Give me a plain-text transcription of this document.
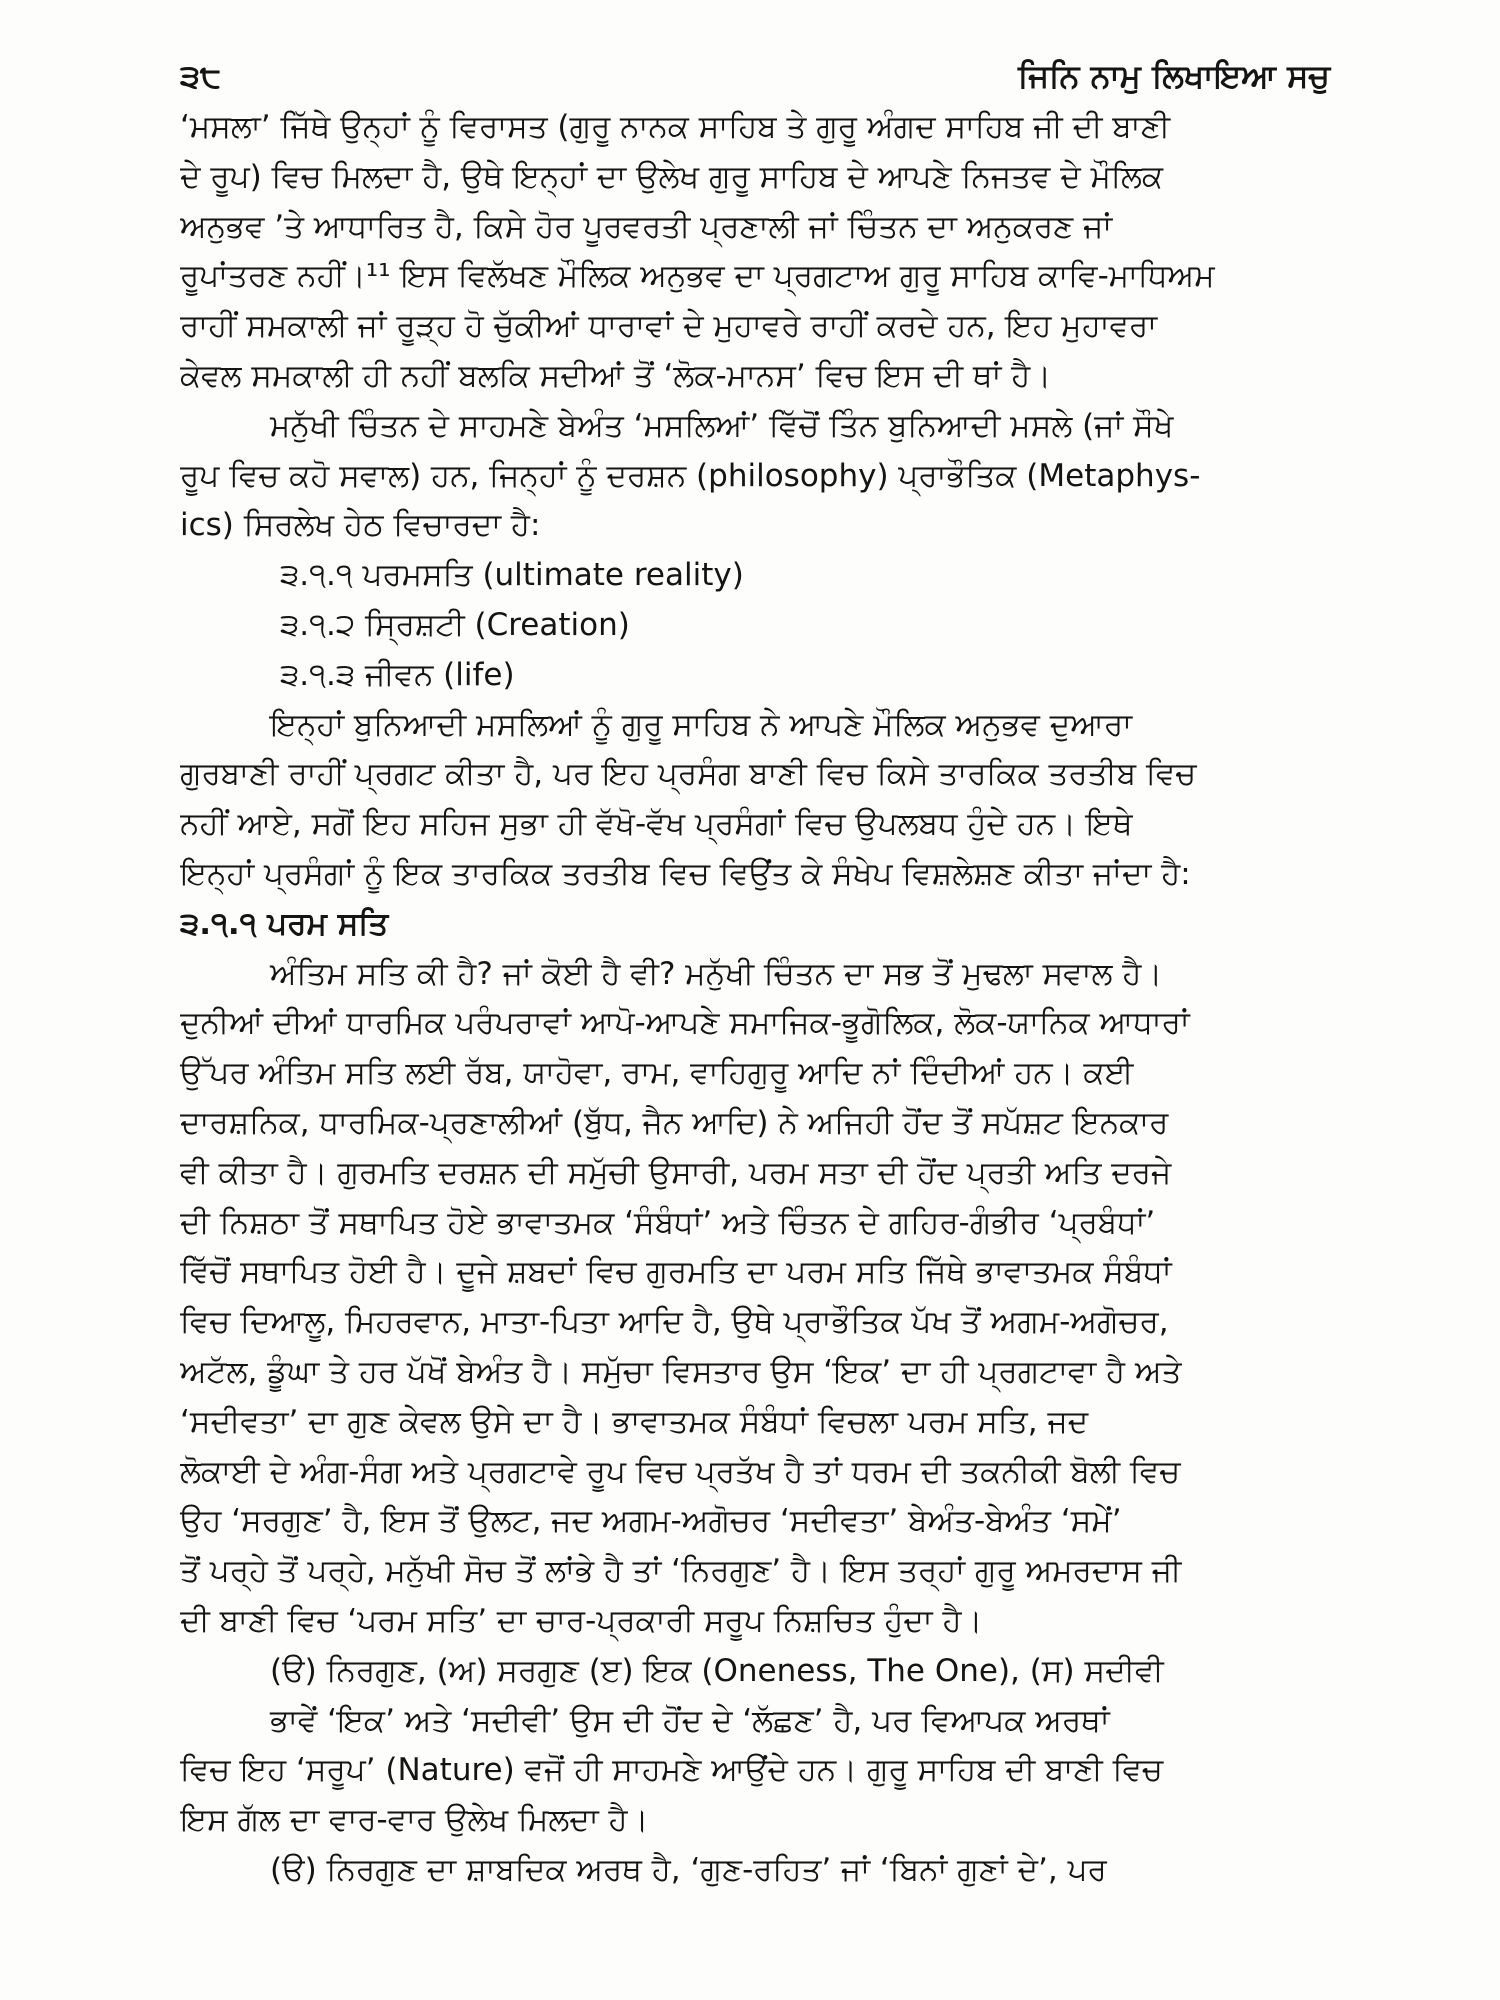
੩੮	ਜਿਨਿ ਨਾਮੁ ਲਿਖਾਇਆ ਸਚੁ
‘ਮਸਲਾ’ ਜਿੱਥੇ ਉਨ੍ਹਾਂ ਨੂੰ ਵਿਰਾਸਤ (ਗੁਰੂ ਨਾਨਕ ਸਾਹਿਬ ਤੇ ਗੁਰੂ ਅੰਗਦ ਸਾਹਿਬ ਜੀ ਦੀ ਬਾਣੀ
ਦੇ ਰੂਪ) ਵਿਚ ਮਿਲਦਾ ਹੈ, ਉਥੇ ਇਨ੍ਹਾਂ ਦਾ ਉਲੇਖ ਗੁਰੂ ਸਾਹਿਬ ਦੇ ਆਪਣੇ ਨਿਜਤਵ ਦੇ ਮੌਲਿਕ
ਅਨੁਭਵ ’ਤੇ ਆਧਾਰਿਤ ਹੈ, ਕਿਸੇ ਹੋਰ ਪੂਰਵਰਤੀ ਪ੍ਰਣਾਲੀ ਜਾਂ ਚਿੰਤਨ ਦਾ ਅਨੁਕਰਣ ਜਾਂ
ਰੂਪਾਂਤਰਣ ਨਹੀਂ।¹¹ ਇਸ ਵਿਲੱਖਣ ਮੌਲਿਕ ਅਨੁਭਵ ਦਾ ਪ੍ਰਗਟਾਅ ਗੁਰੂ ਸਾਹਿਬ ਕਾਵਿ-ਮਾਧਿਅਮ
ਰਾਹੀਂ ਸਮਕਾਲੀ ਜਾਂ ਰੂੜ੍ਹ ਹੋ ਚੁੱਕੀਆਂ ਧਾਰਾਵਾਂ ਦੇ ਮੁਹਾਵਰੇ ਰਾਹੀਂ ਕਰਦੇ ਹਨ, ਇਹ ਮੁਹਾਵਰਾ
ਕੇਵਲ ਸਮਕਾਲੀ ਹੀ ਨਹੀਂ ਬਲਕਿ ਸਦੀਆਂ ਤੋਂ ‘ਲੋਕ-ਮਾਨਸ’ ਵਿਚ ਇਸ ਦੀ ਥਾਂ ਹੈ।
ਮਨੁੱਖੀ ਚਿੰਤਨ ਦੇ ਸਾਹਮਣੇ ਬੇਅੰਤ ‘ਮਸਲਿਆਂ’ ਵਿੱਚੋਂ ਤਿੰਨ ਬੁਨਿਆਦੀ ਮਸਲੇ (ਜਾਂ ਸੌਖੇ
ਰੂਪ ਵਿਚ ਕਹੋ ਸਵਾਲ) ਹਨ, ਜਿਨ੍ਹਾਂ ਨੂੰ ਦਰਸ਼ਨ (philosophy) ਪ੍ਰਾਭੌਤਿਕ (Metaphys-
ics) ਸਿਰਲੇਖ ਹੇਠ ਵਿਚਾਰਦਾ ਹੈ:
੩.੧.੧ ਪਰਮਸਤਿ (ultimate reality)
੩.੧.੨ ਸ੍ਰਿਸ਼ਟੀ (Creation)
੩.੧.੩ ਜੀਵਨ (life)
ਇਨ੍ਹਾਂ ਬੁਨਿਆਦੀ ਮਸਲਿਆਂ ਨੂੰ ਗੁਰੂ ਸਾਹਿਬ ਨੇ ਆਪਣੇ ਮੌਲਿਕ ਅਨੁਭਵ ਦੁਆਰਾ
ਗੁਰਬਾਣੀ ਰਾਹੀਂ ਪ੍ਰਗਟ ਕੀਤਾ ਹੈ, ਪਰ ਇਹ ਪ੍ਰਸੰਗ ਬਾਣੀ ਵਿਚ ਕਿਸੇ ਤਾਰਕਿਕ ਤਰਤੀਬ ਵਿਚ
ਨਹੀਂ ਆਏ, ਸਗੋਂ ਇਹ ਸਹਿਜ ਸੁਭਾ ਹੀ ਵੱਖੋ-ਵੱਖ ਪ੍ਰਸੰਗਾਂ ਵਿਚ ਉਪਲਬਧ ਹੁੰਦੇ ਹਨ। ਇਥੇ
ਇਨ੍ਹਾਂ ਪ੍ਰਸੰਗਾਂ ਨੂੰ ਇਕ ਤਾਰਕਿਕ ਤਰਤੀਬ ਵਿਚ ਵਿਉਂਤ ਕੇ ਸੰਖੇਪ ਵਿਸ਼ਲੇਸ਼ਣ ਕੀਤਾ ਜਾਂਦਾ ਹੈ:
੩.੧.੧ ਪਰਮ ਸਤਿ
ਅੰਤਿਮ ਸਤਿ ਕੀ ਹੈ? ਜਾਂ ਕੋਈ ਹੈ ਵੀ? ਮਨੁੱਖੀ ਚਿੰਤਨ ਦਾ ਸਭ ਤੋਂ ਮੁਢਲਾ ਸਵਾਲ ਹੈ।
ਦੁਨੀਆਂ ਦੀਆਂ ਧਾਰਮਿਕ ਪਰੰਪਰਾਵਾਂ ਆਪੋ-ਆਪਣੇ ਸਮਾਜਿਕ-ਭੂਗੋਲਿਕ, ਲੋਕ-ਯਾਨਿਕ ਆਧਾਰਾਂ
ਉੱਪਰ ਅੰਤਿਮ ਸਤਿ ਲਈ ਰੱਬ, ਯਾਹੋਵਾ, ਰਾਮ, ਵਾਹਿਗੁਰੂ ਆਦਿ ਨਾਂ ਦਿੰਦੀਆਂ ਹਨ। ਕਈ
ਦਾਰਸ਼ਨਿਕ, ਧਾਰਮਿਕ-ਪ੍ਰਣਾਲੀਆਂ (ਬੁੱਧ, ਜੈਨ ਆਦਿ) ਨੇ ਅਜਿਹੀ ਹੋਂਦ ਤੋਂ ਸਪੱਸ਼ਟ ਇਨਕਾਰ
ਵੀ ਕੀਤਾ ਹੈ। ਗੁਰਮਤਿ ਦਰਸ਼ਨ ਦੀ ਸਮੁੱਚੀ ਉਸਾਰੀ, ਪਰਮ ਸਤਾ ਦੀ ਹੋਂਦ ਪ੍ਰਤੀ ਅਤਿ ਦਰਜੇ
ਦੀ ਨਿਸ਼ਠਾ ਤੋਂ ਸਥਾਪਿਤ ਹੋਏ ਭਾਵਾਤਮਕ ‘ਸੰਬੰਧਾਂ’ ਅਤੇ ਚਿੰਤਨ ਦੇ ਗਹਿਰ-ਗੰਭੀਰ ‘ਪ੍ਰਬੰਧਾਂ’
ਵਿੱਚੋਂ ਸਥਾਪਿਤ ਹੋਈ ਹੈ। ਦੂਜੇ ਸ਼ਬਦਾਂ ਵਿਚ ਗੁਰਮਤਿ ਦਾ ਪਰਮ ਸਤਿ ਜਿੱਥੇ ਭਾਵਾਤਮਕ ਸੰਬੰਧਾਂ
ਵਿਚ ਦਿਆਲੂ, ਮਿਹਰਵਾਨ, ਮਾਤਾ-ਪਿਤਾ ਆਦਿ ਹੈ, ਉਥੇ ਪ੍ਰਾਭੌਤਿਕ ਪੱਖ ਤੋਂ ਅਗਮ-ਅਗੋਚਰ,
ਅਟੱਲ, ਡੂੰਘਾ ਤੇ ਹਰ ਪੱਖੋਂ ਬੇਅੰਤ ਹੈ। ਸਮੁੱਚਾ ਵਿਸਤਾਰ ਉਸ ‘ਇਕ’ ਦਾ ਹੀ ਪ੍ਰਗਟਾਵਾ ਹੈ ਅਤੇ
‘ਸਦੀਵਤਾ’ ਦਾ ਗੁਣ ਕੇਵਲ ਉਸੇ ਦਾ ਹੈ। ਭਾਵਾਤਮਕ ਸੰਬੰਧਾਂ ਵਿਚਲਾ ਪਰਮ ਸਤਿ, ਜਦ
ਲੋਕਾਈ ਦੇ ਅੰਗ-ਸੰਗ ਅਤੇ ਪ੍ਰਗਟਾਵੇ ਰੂਪ ਵਿਚ ਪ੍ਰਤੱਖ ਹੈ ਤਾਂ ਧਰਮ ਦੀ ਤਕਨੀਕੀ ਬੋਲੀ ਵਿਚ
ਉਹ ‘ਸਰਗੁਣ’ ਹੈ, ਇਸ ਤੋਂ ਉਲਟ, ਜਦ ਅਗਮ-ਅਗੋਚਰ ‘ਸਦੀਵਤਾ’ ਬੇਅੰਤ-ਬੇਅੰਤ ‘ਸਮੇਂ’
ਤੋਂ ਪਰ੍ਹੇ ਤੋਂ ਪਰ੍ਹੇ, ਮਨੁੱਖੀ ਸੋਚ ਤੋਂ ਲਾਂਭੇ ਹੈ ਤਾਂ ‘ਨਿਰਗੁਣ’ ਹੈ। ਇਸ ਤਰ੍ਹਾਂ ਗੁਰੂ ਅਮਰਦਾਸ ਜੀ
ਦੀ ਬਾਣੀ ਵਿਚ ‘ਪਰਮ ਸਤਿ’ ਦਾ ਚਾਰ-ਪ੍ਰਕਾਰੀ ਸਰੂਪ ਨਿਸ਼ਚਿਤ ਹੁੰਦਾ ਹੈ।
(ੳ) ਨਿਰਗੁਣ, (ਅ) ਸਰਗੁਣ (ੲ) ਇਕ (Oneness, The One), (ਸ) ਸਦੀਵੀ
ਭਾਵੇਂ ‘ਇਕ’ ਅਤੇ ‘ਸਦੀਵੀ’ ਉਸ ਦੀ ਹੋਂਦ ਦੇ ‘ਲੱਛਣ’ ਹੈ, ਪਰ ਵਿਆਪਕ ਅਰਥਾਂ
ਵਿਚ ਇਹ ‘ਸਰੂਪ’ (Nature) ਵਜੋਂ ਹੀ ਸਾਹਮਣੇ ਆਉਂਦੇ ਹਨ। ਗੁਰੂ ਸਾਹਿਬ ਦੀ ਬਾਣੀ ਵਿਚ
ਇਸ ਗੱਲ ਦਾ ਵਾਰ-ਵਾਰ ਉਲੇਖ ਮਿਲਦਾ ਹੈ।
(ੳ) ਨਿਰਗੁਣ ਦਾ ਸ਼ਾਬਦਿਕ ਅਰਥ ਹੈ, ‘ਗੁਣ-ਰਹਿਤ’ ਜਾਂ ‘ਬਿਨਾਂ ਗੁਣਾਂ ਦੇ’, ਪਰ
